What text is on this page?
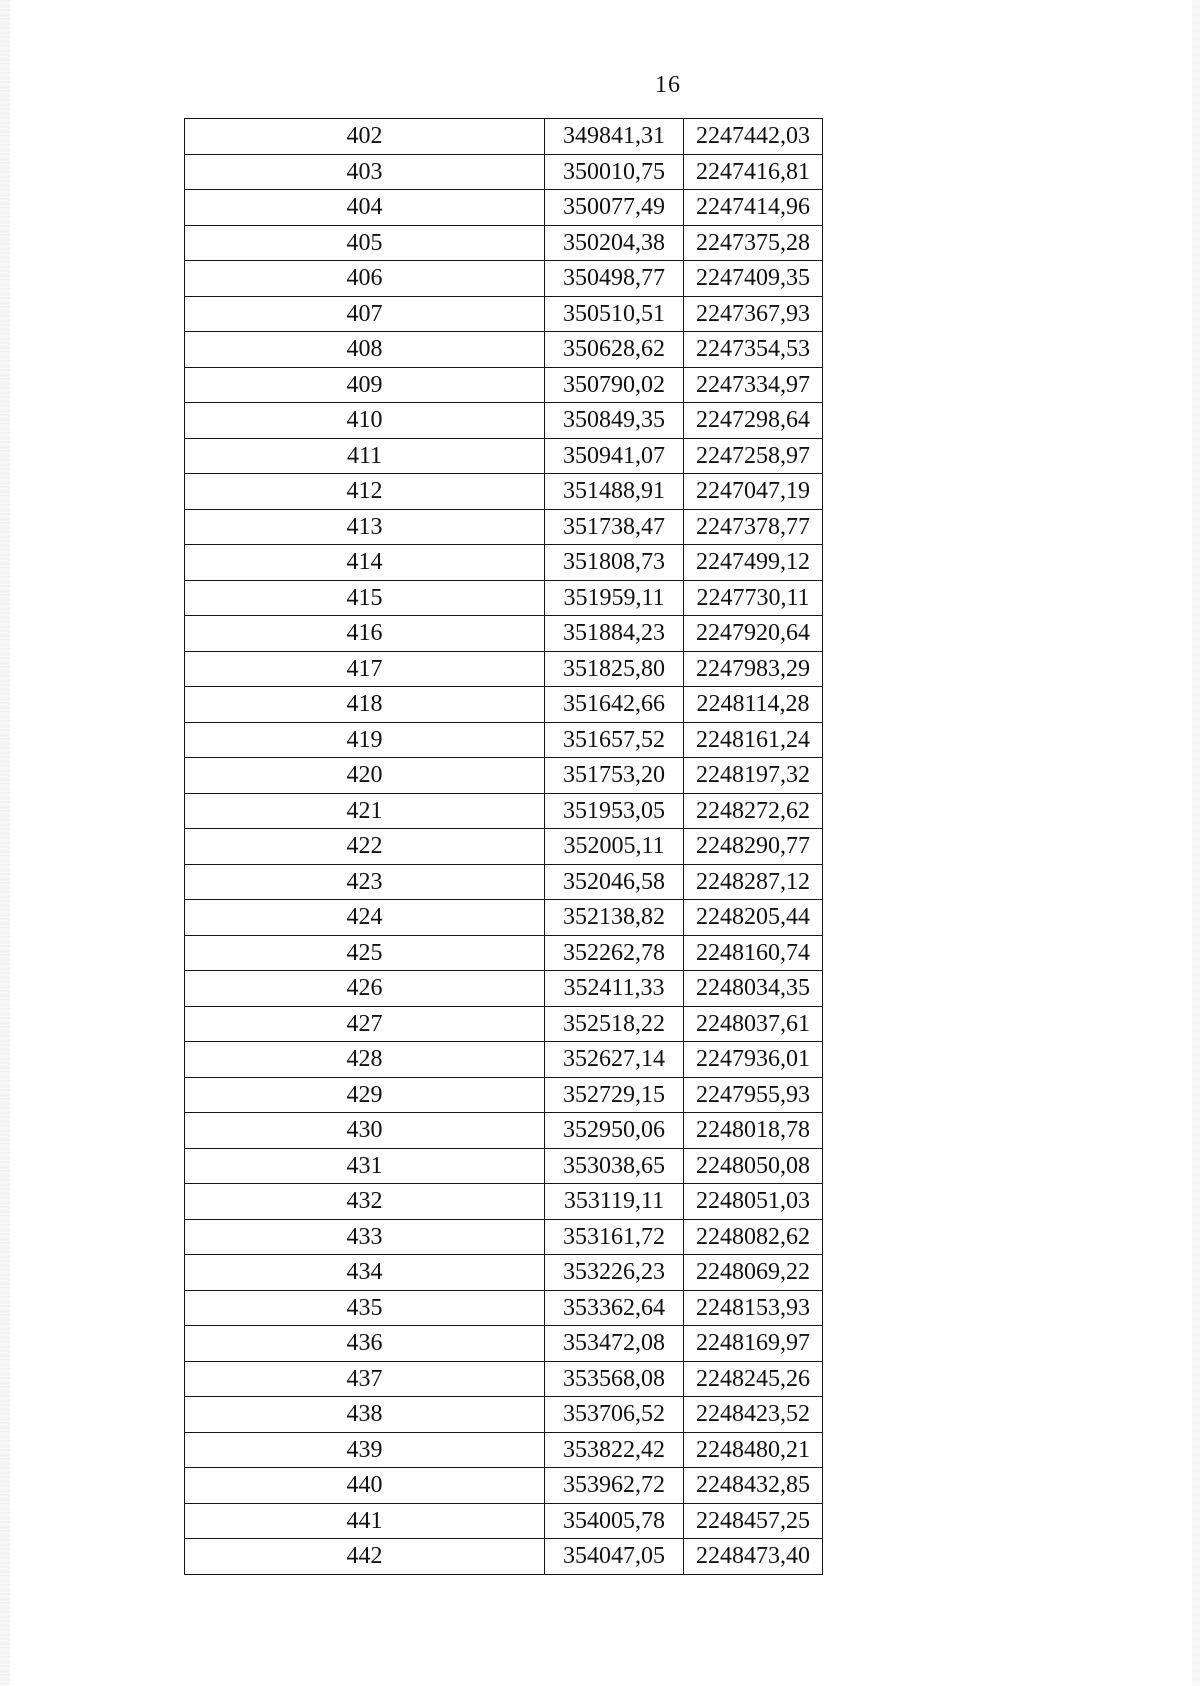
16
402	349841,31	2247442,03
403	350010,75	2247416,81
404	350077,49	2247414,96
405	350204,38	2247375,28
406	350498,77	2247409,35
407	350510,51	2247367,93
408	350628,62	2247354,53
409	350790,02	2247334,97
410	350849,35	2247298,64
411	350941,07	2247258,97
412	351488,91	2247047,19
413	351738,47	2247378,77
414	351808,73	2247499,12
415	351959,11	2247730,11
416	351884,23	2247920,64
417	351825,80	2247983,29
418	351642,66	2248114,28
419	351657,52	2248161,24
420	351753,20	2248197,32
421	351953,05	2248272,62
422	352005,11	2248290,77
423	352046,58	2248287,12
424	352138,82	2248205,44
425	352262,78	2248160,74
426	352411,33	2248034,35
427	352518,22	2248037,61
428	352627,14	2247936,01
429	352729,15	2247955,93
430	352950,06	2248018,78
431	353038,65	2248050,08
432	353119,11	2248051,03
433	353161,72	2248082,62
434	353226,23	2248069,22
435	353362,64	2248153,93
436	353472,08	2248169,97
437	353568,08	2248245,26
438	353706,52	2248423,52
439	353822,42	2248480,21
440	353962,72	2248432,85
441	354005,78	2248457,25
442	354047,05	2248473,40
